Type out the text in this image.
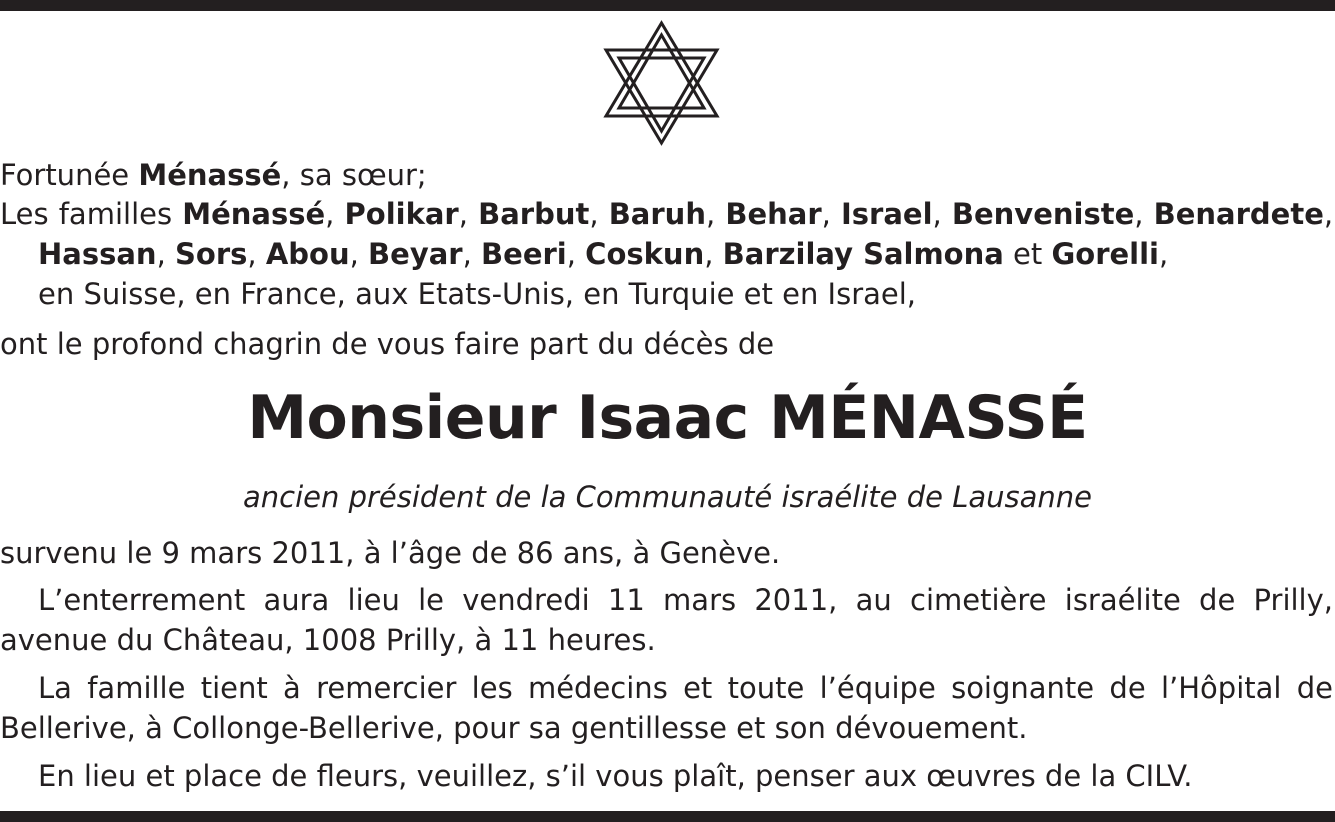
Fortunée Ménassé, sa sœur;
Les familles Ménassé, Polikar, Barbut, Baruh, Behar, Israel, Benveniste, Benardete,
Hassan, Sors, Abou, Beyar, Beeri, Coskun, Barzilay Salmona et Gorelli,
en Suisse, en France, aux Etats-Unis, en Turquie et en Israel,
ont le profond chagrin de vous faire part du décès de
Monsieur Isaac MÉNASSÉ
ancien président de la Communauté israélite de Lausanne
survenu le 9 mars 2011, à l’âge de 86 ans, à Genève.
L’enterrement aura lieu le vendredi 11 mars 2011, au cimetière israélite de Prilly,
avenue du Château, 1008 Prilly, à 11 heures.
La famille tient à remercier les médecins et toute l’équipe soignante de l’Hôpital de
Bellerive, à Collonge-Bellerive, pour sa gentillesse et son dévouement.
En lieu et place de fleurs, veuillez, s’il vous plaît, penser aux œuvres de la CILV.
